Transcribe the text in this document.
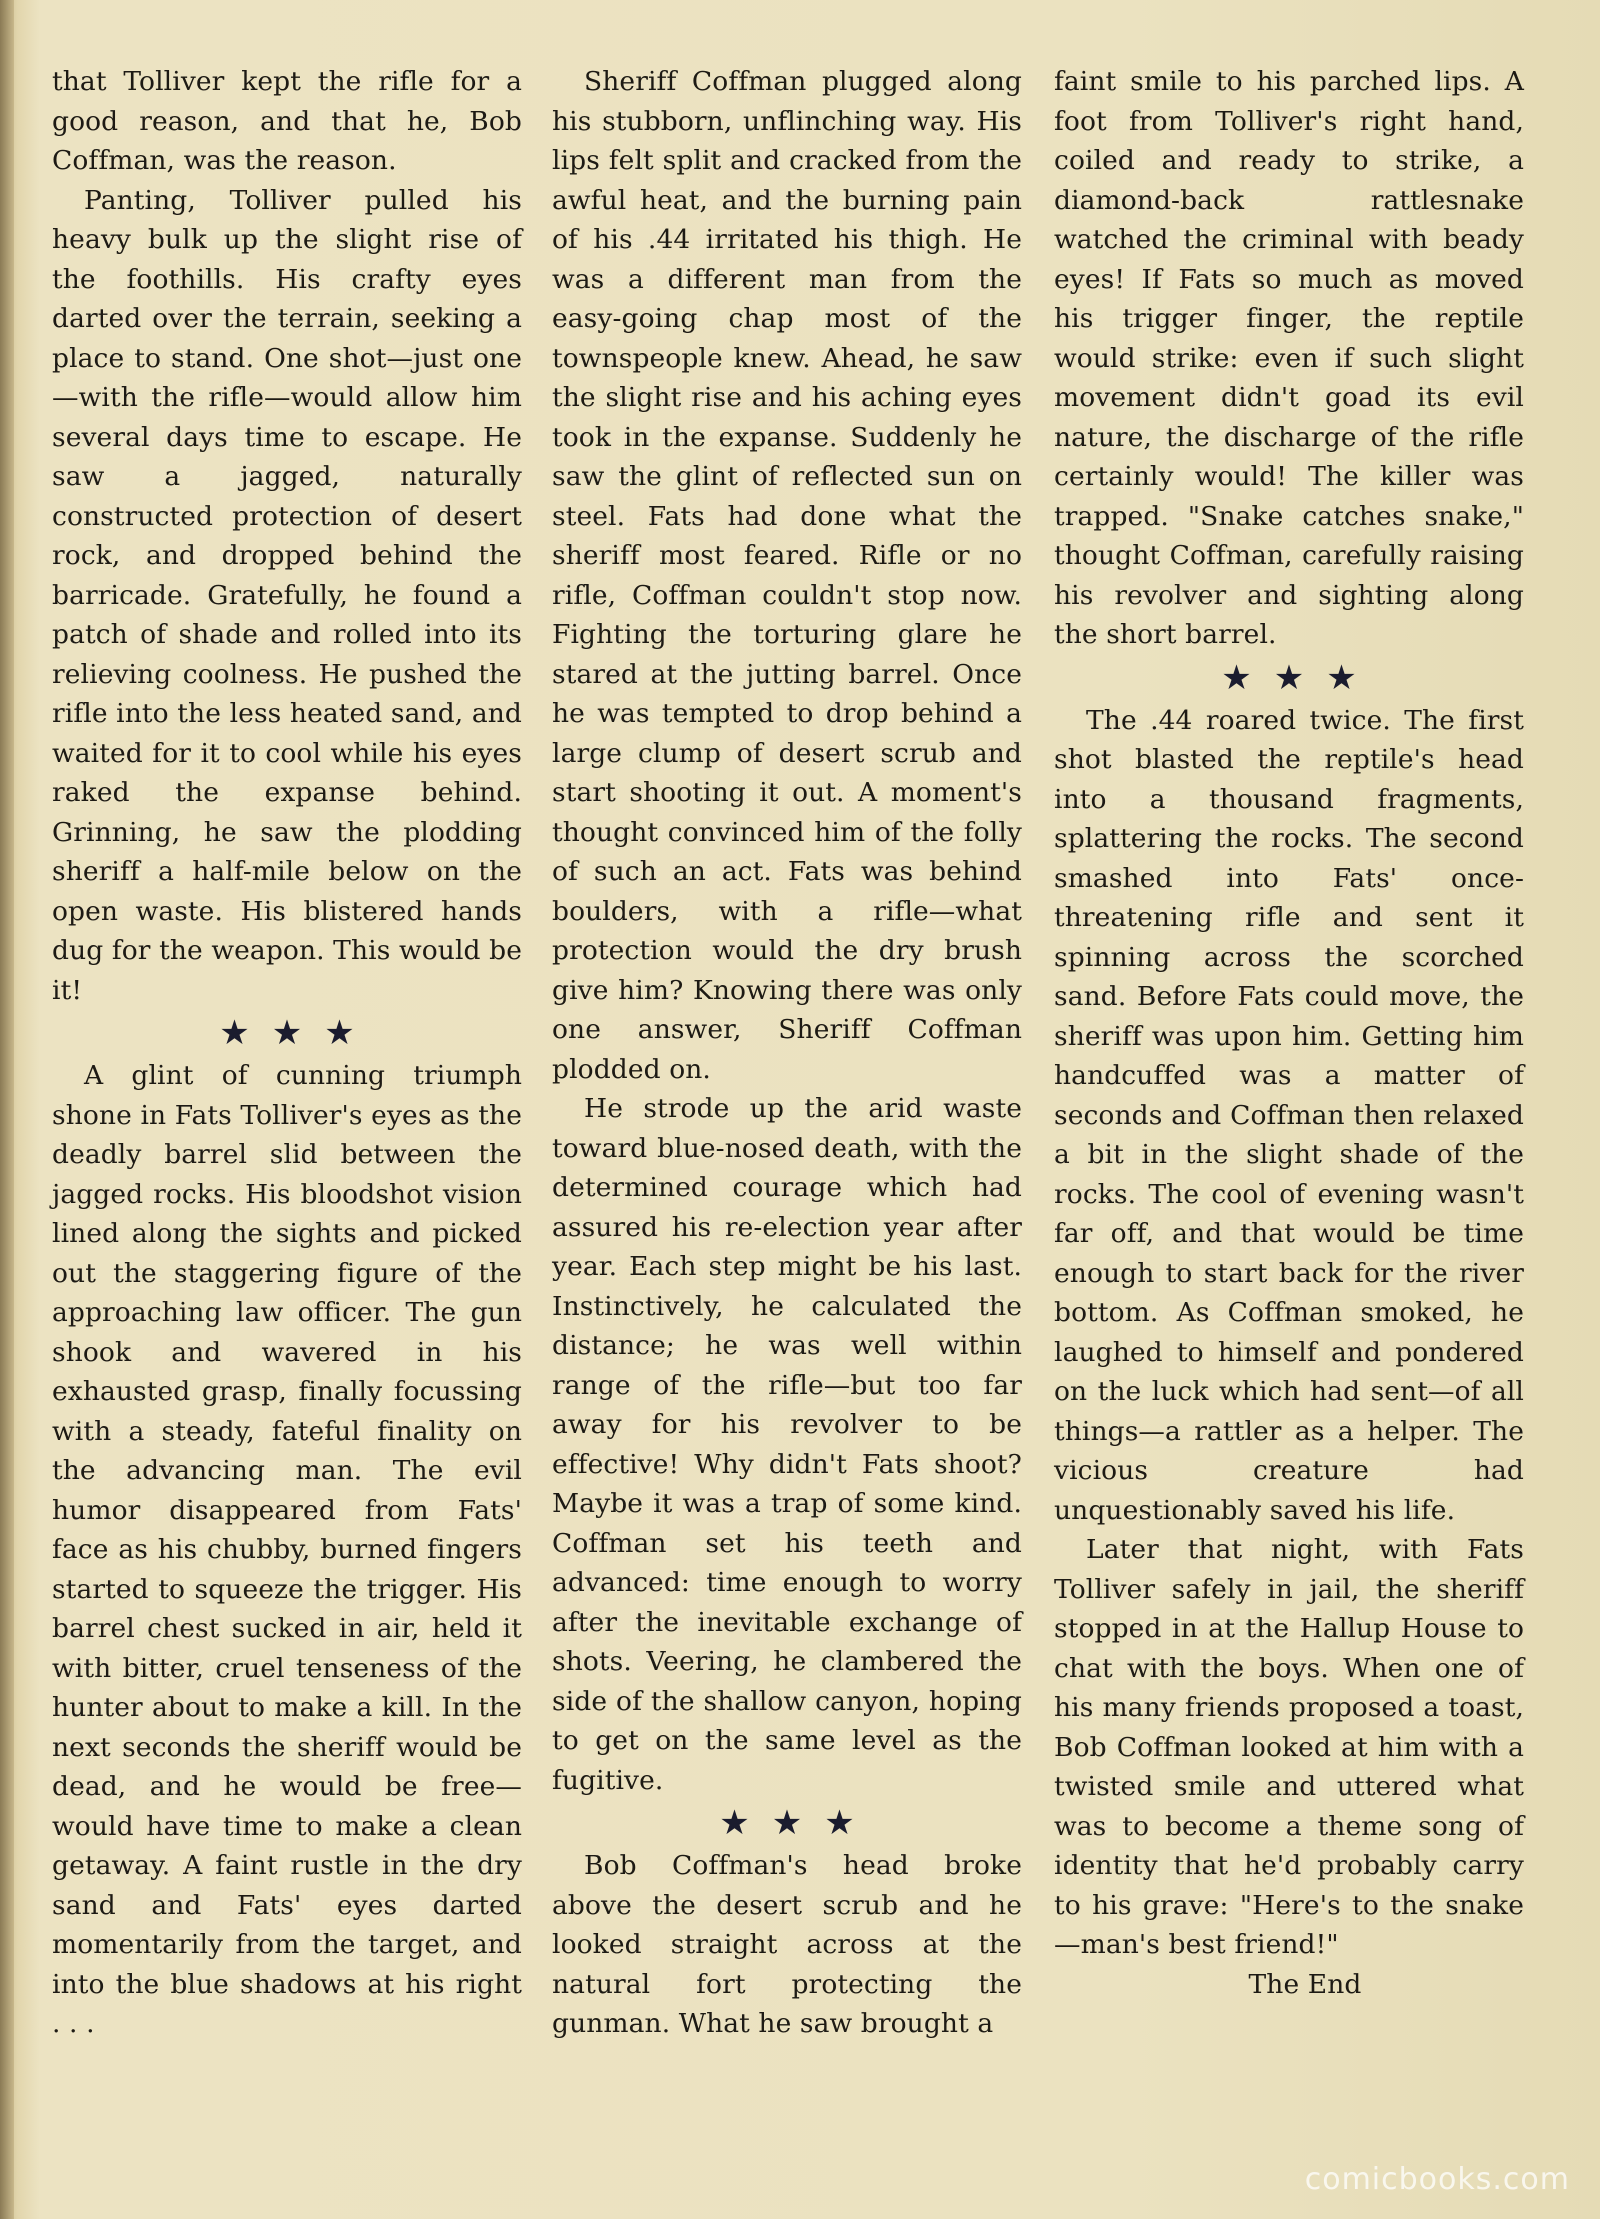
that Tolliver kept the rifle for a good reason, and that he, Bob Coffman, was the reason.

Panting, Tolliver pulled his heavy bulk up the slight rise of the foothills. His crafty eyes darted over the terrain, seeking a place to stand. One shot—just one—with the rifle—would allow him several days time to escape. He saw a jagged, naturally constructed protection of desert rock, and dropped behind the barricade. Gratefully, he found a patch of shade and rolled into its relieving coolness. He pushed the rifle into the less heated sand, and waited for it to cool while his eyes raked the expanse behind. Grinning, he saw the plodding sheriff a half-mile below on the open waste. His blistered hands dug for the weapon. This would be it!

★★★

A glint of cunning triumph shone in Fats Tolliver's eyes as the deadly barrel slid between the jagged rocks. His bloodshot vision lined along the sights and picked out the staggering figure of the approaching law officer. The gun shook and wavered in his exhausted grasp, finally focussing with a steady, fateful finality on the advancing man. The evil humor disappeared from Fats' face as his chubby, burned fingers started to squeeze the trigger. His barrel chest sucked in air, held it with bitter, cruel tenseness of the hunter about to make a kill. In the next seconds the sheriff would be dead, and he would be free—would have time to make a clean getaway. A faint rustle in the dry sand and Fats' eyes darted momentarily from the target, and into the blue shadows at his right . . .

Sheriff Coffman plugged along his stubborn, unflinching way. His lips felt split and cracked from the awful heat, and the burning pain of his .44 irritated his thigh. He was a different man from the easy-going chap most of the townspeople knew. Ahead, he saw the slight rise and his aching eyes took in the expanse. Suddenly he saw the glint of reflected sun on steel. Fats had done what the sheriff most feared. Rifle or no rifle, Coffman couldn't stop now. Fighting the torturing glare he stared at the jutting barrel. Once he was tempted to drop behind a large clump of desert scrub and start shooting it out. A moment's thought convinced him of the folly of such an act. Fats was behind boulders, with a rifle—what protection would the dry brush give him? Knowing there was only one answer, Sheriff Coffman plodded on.

He strode up the arid waste toward blue-nosed death, with the determined courage which had assured his re-election year after year. Each step might be his last. Instinctively, he calculated the distance; he was well within range of the rifle—but too far away for his revolver to be effective! Why didn't Fats shoot? Maybe it was a trap of some kind. Coffman set his teeth and advanced: time enough to worry after the inevitable exchange of shots. Veering, he clambered the side of the shallow canyon, hoping to get on the same level as the fugitive.

★★★

Bob Coffman's head broke above the desert scrub and he looked straight across at the natural fort protecting the gunman. What he saw brought a

faint smile to his parched lips. A foot from Tolliver's right hand, coiled and ready to strike, a diamond-back rattlesnake watched the criminal with beady eyes! If Fats so much as moved his trigger finger, the reptile would strike: even if such slight movement didn't goad its evil nature, the discharge of the rifle certainly would! The killer was trapped. "Snake catches snake," thought Coffman, carefully raising his revolver and sighting along the short barrel.

★★★

The .44 roared twice. The first shot blasted the reptile's head into a thousand fragments, splattering the rocks. The second smashed into Fats' once-threatening rifle and sent it spinning across the scorched sand. Before Fats could move, the sheriff was upon him. Getting him handcuffed was a matter of seconds and Coffman then relaxed a bit in the slight shade of the rocks. The cool of evening wasn't far off, and that would be time enough to start back for the river bottom. As Coffman smoked, he laughed to himself and pondered on the luck which had sent—of all things—a rattler as a helper. The vicious creature had unquestionably saved his life.

Later that night, with Fats Tolliver safely in jail, the sheriff stopped in at the Hallup House to chat with the boys. When one of his many friends proposed a toast, Bob Coffman looked at him with a twisted smile and uttered what was to become a theme song of identity that he'd probably carry to his grave: "Here's to the snake—man's best friend!"

The End

comicbooks.com
